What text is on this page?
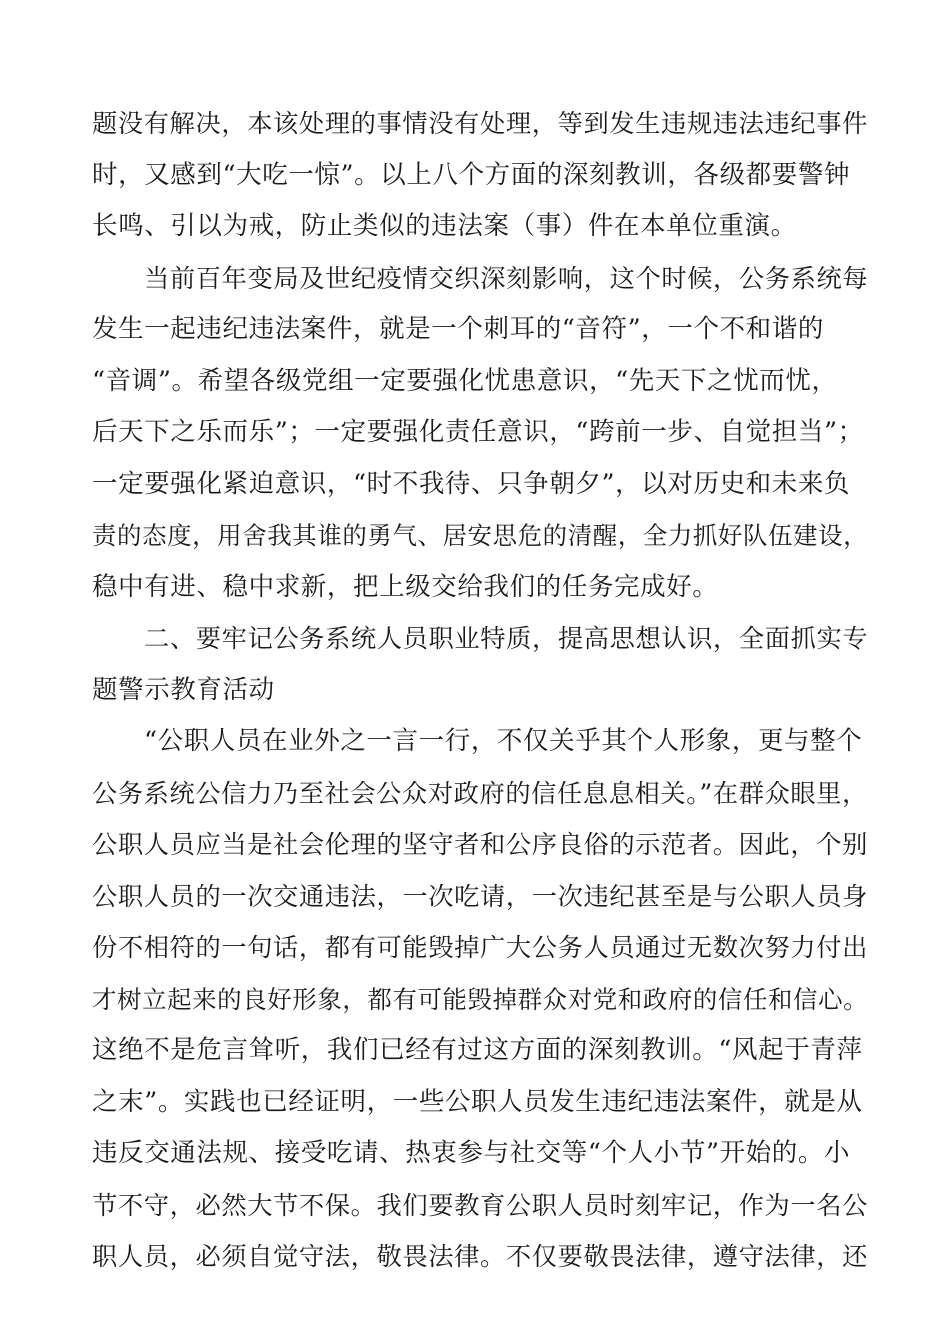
题没有解决，本该处理的事情没有处理，等到发生违规违法违纪事件
时，又感到“大吃一惊”。以上八个方面的深刻教训，各级都要警钟
长鸣、引以为戒，防止类似的违法案（事）件在本单位重演。
当前百年变局及世纪疫情交织深刻影响，这个时候，公务系统每
发生一起违纪违法案件，就是一个刺耳的“音符”，一个不和谐的
“音调”。希望各级党组一定要强化忧患意识，“先天下之忧而忧，
后天下之乐而乐”；一定要强化责任意识，“跨前一步、自觉担当”；
一定要强化紧迫意识，“时不我待、只争朝夕”，以对历史和未来负
责的态度，用舍我其谁的勇气、居安思危的清醒，全力抓好队伍建设，
稳中有进、稳中求新，把上级交给我们的任务完成好。
二、要牢记公务系统人员职业特质，提高思想认识，全面抓实专
题警示教育活动
“公职人员在业外之一言一行，不仅关乎其个人形象，更与整个
公务系统公信力乃至社会公众对政府的信任息息相关。”在群众眼里，
公职人员应当是社会伦理的坚守者和公序良俗的示范者。因此，个别
公职人员的一次交通违法，一次吃请，一次违纪甚至是与公职人员身
份不相符的一句话，都有可能毁掉广大公务人员通过无数次努力付出
才树立起来的良好形象，都有可能毁掉群众对党和政府的信任和信心。
这绝不是危言耸听，我们已经有过这方面的深刻教训。“风起于青萍
之末”。实践也已经证明，一些公职人员发生违纪违法案件，就是从
违反交通法规、接受吃请、热衷参与社交等“个人小节”开始的。小
节不守，必然大节不保。我们要教育公职人员时刻牢记，作为一名公
职人员，必须自觉守法，敬畏法律。不仅要敬畏法律，遵守法律，还
